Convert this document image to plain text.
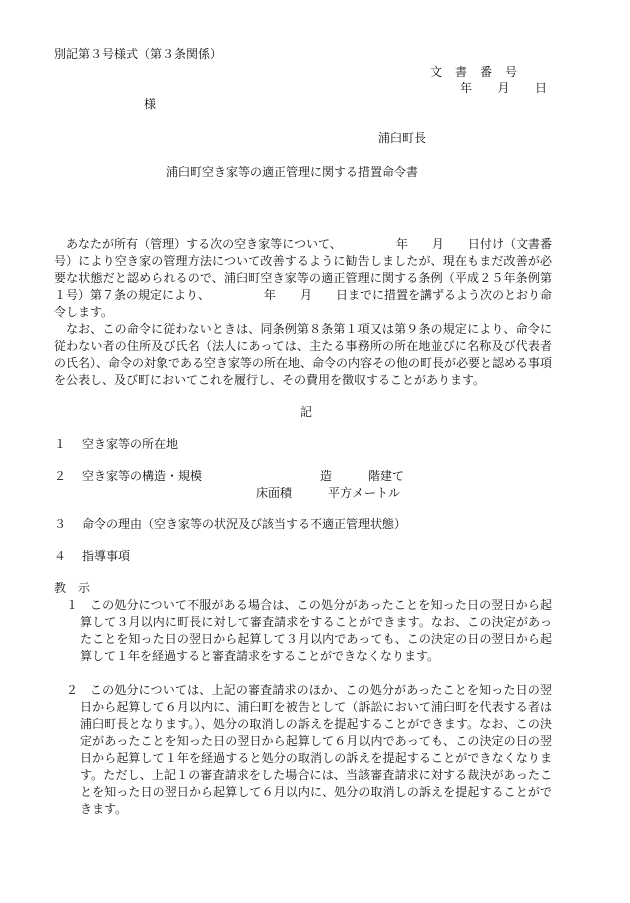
別記第３号様式（第３条関係）
文　書　番　号
年　　月　　日
様
浦臼町長
浦臼町空き家等の適正管理に関する措置命令書
あなたが所有（管理）する次の空き家等について、　　　　　年　　月　　日付け（文書番号）により空き家の管理方法について改善するように勧告しましたが、現在もまだ改善が必要な状態だと認められるので、浦臼町空き家等の適正管理に関する条例（平成２５年条例第１号）第７条の規定により、　　　　　年　　月　　日までに措置を講ずるよう次のとおり命令します。
なお、この命令に従わないときは、同条例第８条第１項又は第９条の規定により、命令に従わない者の住所及び氏名（法人にあっては、主たる事務所の所在地並びに名称及び代表者の氏名）、命令の対象である空き家等の所在地、命令の内容その他の町長が必要と認める事項を公表し、及び町においてこれを履行し、その費用を徴収することがあります。
記
１ 空き家等の所在地
２ 空き家等の構造・規模	造　　　階建て
床面積　　　平方メートル
３ 命令の理由（空き家等の状況及び該当する不適正管理状態）
４ 指導事項
教　示
１ この処分について不服がある場合は、この処分があったことを知った日の翌日から起算して３月以内に町長に対して審査請求をすることができます。なお、この決定があったことを知った日の翌日から起算して３月以内であっても、この決定の日の翌日から起算して１年を経過すると審査請求をすることができなくなります。
２ この処分については、上記の審査請求のほか、この処分があったことを知った日の翌日から起算して６月以内に、浦臼町を被告として（訴訟において浦臼町を代表する者は浦臼町長となります。）、処分の取消しの訴えを提起することができます。なお、この決定があったことを知った日の翌日から起算して６月以内であっても、この決定の日の翌日から起算して１年を経過すると処分の取消しの訴えを提起することができなくなります。ただし、上記１の審査請求をした場合には、当該審査請求に対する裁決があったことを知った日の翌日から起算して６月以内に、処分の取消しの訴えを提起することができます。
